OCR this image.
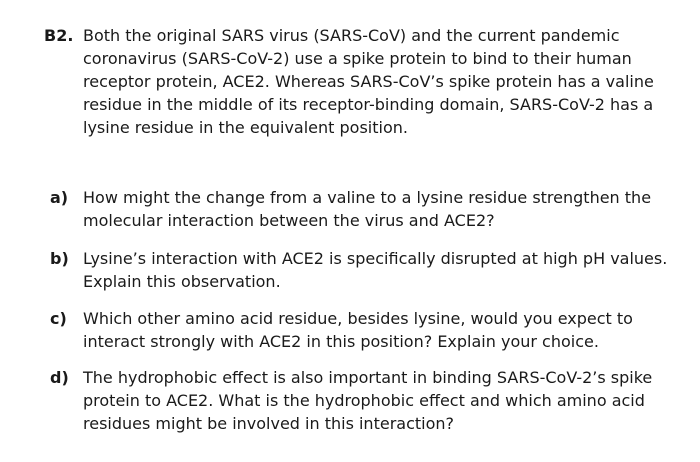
B2. Both the original SARS virus (SARS-CoV) and the current pandemic coronavirus (SARS-CoV-2) use a spike protein to bind to their human receptor protein, ACE2. Whereas SARS-CoV’s spike protein has a valine residue in the middle of its receptor-binding domain, SARS-CoV-2 has a lysine residue in the equivalent position.
a) How might the change from a valine to a lysine residue strengthen the molecular interaction between the virus and ACE2?
b) Lysine’s interaction with ACE2 is specifically disrupted at high pH values. Explain this observation.
c) Which other amino acid residue, besides lysine, would you expect to interact strongly with ACE2 in this position? Explain your choice.
d) The hydrophobic effect is also important in binding SARS-CoV-2’s spike protein to ACE2. What is the hydrophobic effect and which amino acid residues might be involved in this interaction?
